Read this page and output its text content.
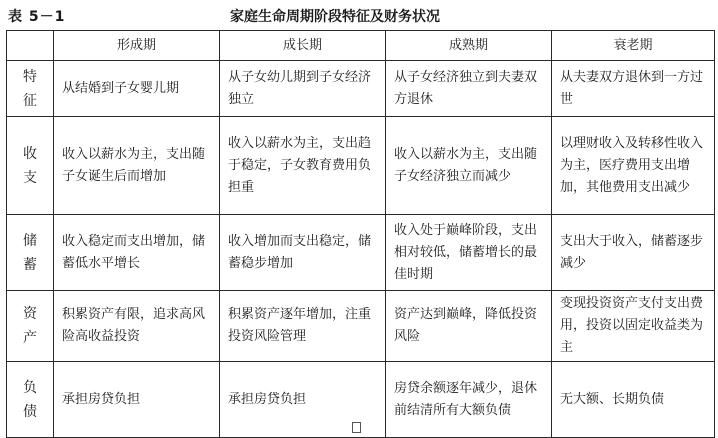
表 5－1	家庭生命周期阶段特征及财务状况
	形成期	成长期	成熟期	衰老期

特
征	从结婚到子女婴儿期	从子女幼儿期到子女经济独立	从子女经济独立到夫妻双方退休	从夫妻双方退休到一方过世

收
支	收入以薪水为主，支出随子女诞生后而增加	收入以薪水为主，支出趋于稳定，子女教育费用负担重	收入以薪水为主，支出随子女经济独立而减少	以理财收入及转移性收入为主，医疗费用支出增加，其他费用支出减少

储
蓄	收入稳定而支出增加，储蓄低水平增长	收入增加而支出稳定，储蓄稳步增加	收入处于巅峰阶段，支出相对较低，储蓄增长的最佳时期	支出大于收入，储蓄逐步减少

资
产	积累资产有限，追求高风险高收益投资	积累资产逐年增加，注重投资风险管理	资产达到巅峰，降低投资风险	变现投资资产支付支出费用，投资以固定收益类为主

负
债	承担房贷负担	承担房贷负担	房贷余额逐年减少，退休前结清所有大额负债	无大额、长期负债
